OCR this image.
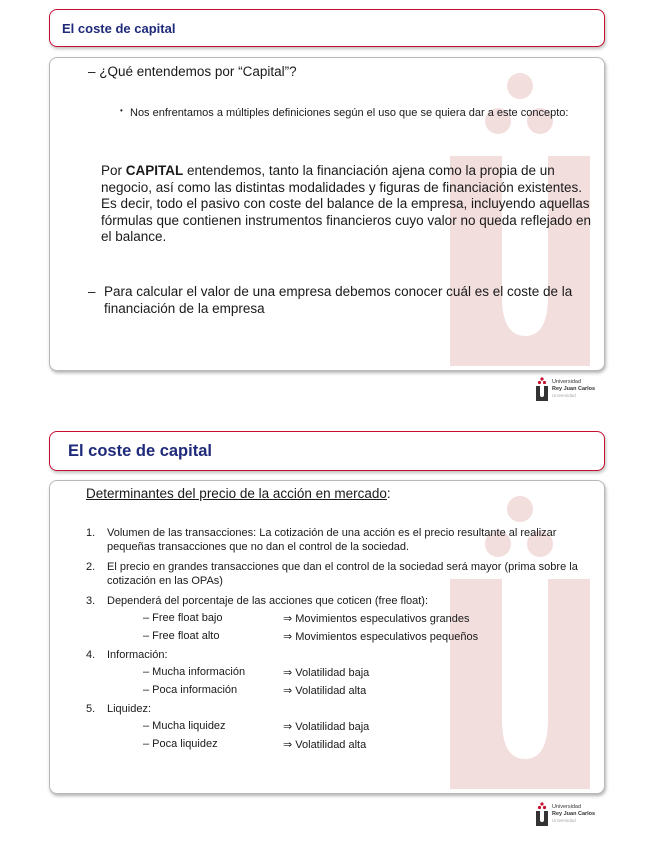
El coste de capital
– ¿Qué entendemos por “Capital”?
• Nos enfrentamos a múltiples definiciones según el uso que se quiera dar a este concepto:
Por CAPITAL entendemos, tanto la financiación ajena como la propia de un negocio, así como las distintas modalidades y figuras de financiación existentes. Es decir, todo el pasivo con coste del balance de la empresa, incluyendo aquellas fórmulas que contienen instrumentos financieros cuyo valor no queda reflejado en el balance.
– Para calcular el valor de una empresa debemos conocer cuál es el coste de la financiación de la empresa
Universidad
Rey Juan Carlos
Universidad
El coste de capital
Determinantes del precio de la acción en mercado:
1. Volumen de las transacciones: La cotización de una acción es el precio resultante al realizar pequeñas transacciones que no dan el control de la sociedad.
2. El precio en grandes transacciones que dan el control de la sociedad será mayor (prima sobre la cotización en las OPAs)
3. Dependerá del porcentaje de las acciones que coticen (free float):
– Free float bajo	⇒ Movimientos especulativos grandes
– Free float alto	⇒ Movimientos especulativos pequeños
4. Información:
– Mucha información	⇒ Volatilidad baja
– Poca información	⇒ Volatilidad alta
5. Liquidez:
– Mucha liquidez	⇒ Volatilidad baja
– Poca liquidez	⇒ Volatilidad alta
Universidad
Rey Juan Carlos
Universidad
